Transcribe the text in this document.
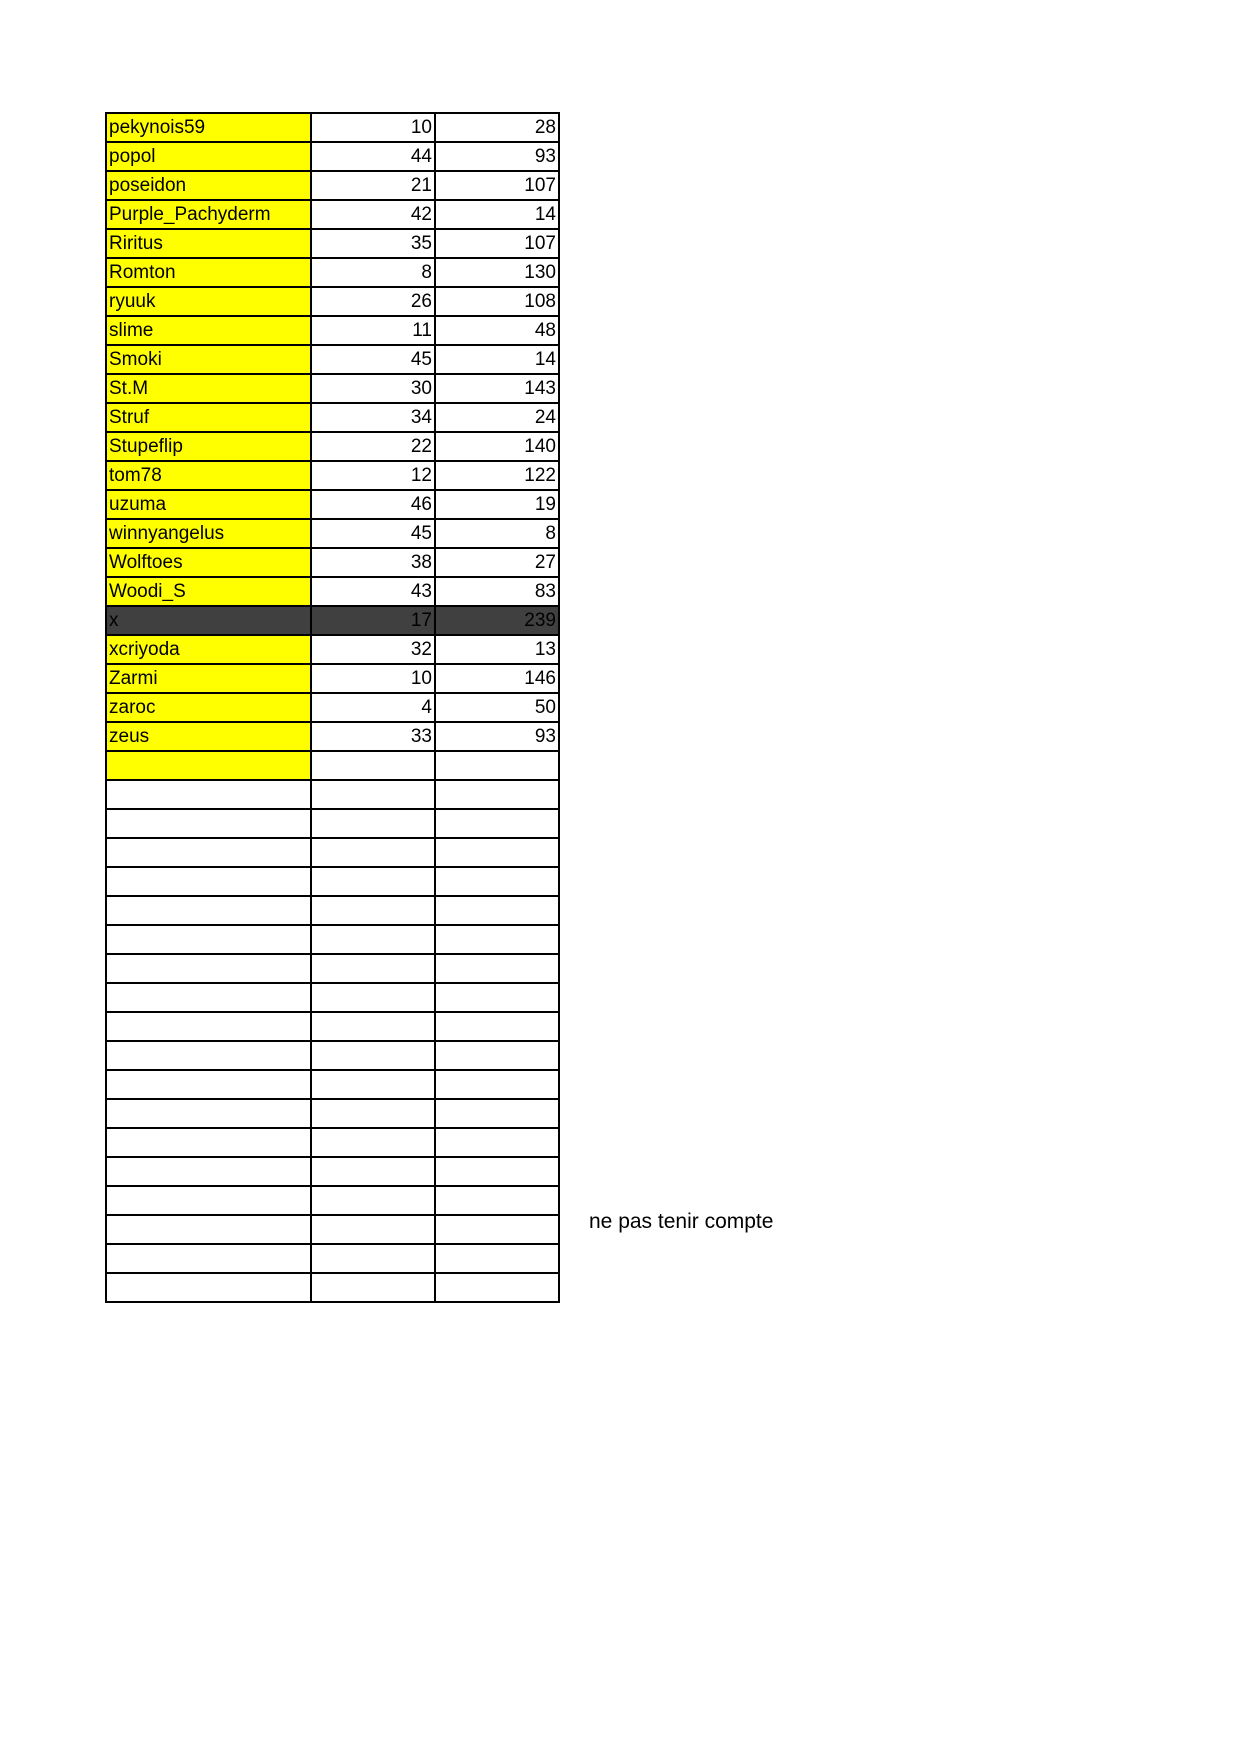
pekynois59	10	28
popol	44	93
poseidon	21	107
Purple_Pachyderm	42	14
Riritus	35	107
Romton	8	130
ryuuk	26	108
slime	11	48
Smoki	45	14
St.M	30	143
Struf	34	24
Stupeflip	22	140
tom78	12	122
uzuma	46	19
winnyangelus	45	8
Wolftoes	38	27
Woodi_S	43	83
x	17	239
xcriyoda	32	13
Zarmi	10	146
zaroc	4	50
zeus	33	93

ne pas tenir compte
